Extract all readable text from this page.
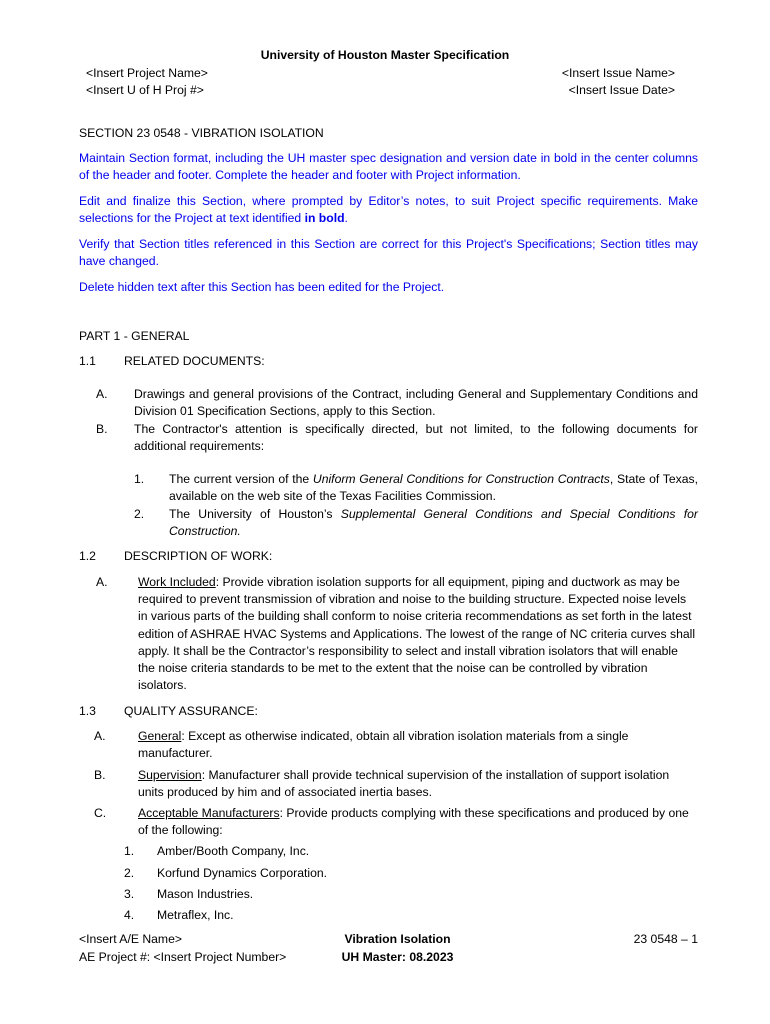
University of Houston Master Specification
<Insert Project Name>
<Insert U of H Proj #>
<Insert Issue Name>
<Insert Issue Date>
SECTION 23 0548 - VIBRATION ISOLATION
Maintain Section format, including the UH master spec designation and version date in bold in the center columns of the header and footer. Complete the header and footer with Project information.
Edit and finalize this Section, where prompted by Editor’s notes, to suit Project specific requirements. Make selections for the Project at text identified in bold.
Verify that Section titles referenced in this Section are correct for this Project's Specifications; Section titles may have changed.
Delete hidden text after this Section has been edited for the Project.
PART 1 - GENERAL
1.1 RELATED DOCUMENTS:
A. Drawings and general provisions of the Contract, including General and Supplementary Conditions and Division 01 Specification Sections, apply to this Section.
B. The Contractor's attention is specifically directed, but not limited, to the following documents for additional requirements:
1. The current version of the Uniform General Conditions for Construction Contracts, State of Texas, available on the web site of the Texas Facilities Commission.
2. The University of Houston’s Supplemental General Conditions and Special Conditions for Construction.
1.2 DESCRIPTION OF WORK:
A. Work Included: Provide vibration isolation supports for all equipment, piping and ductwork as may be required to prevent transmission of vibration and noise to the building structure. Expected noise levels in various parts of the building shall conform to noise criteria recommendations as set forth in the latest edition of ASHRAE HVAC Systems and Applications. The lowest of the range of NC criteria curves shall apply. It shall be the Contractor’s responsibility to select and install vibration isolators that will enable the noise criteria standards to be met to the extent that the noise can be controlled by vibration isolators.
1.3 QUALITY ASSURANCE:
A.	General: Except as otherwise indicated, obtain all vibration isolation materials from a single manufacturer.
B.	Supervision: Manufacturer shall provide technical supervision of the installation of support isolation units produced by him and of associated inertia bases.
C.	Acceptable Manufacturers: Provide products complying with these specifications and produced by one of the following:
1. Amber/Booth Company, Inc.
2. Korfund Dynamics Corporation.
3. Mason Industries.
4. Metraflex, Inc.
<Insert A/E Name>
AE Project #: <Insert Project Number>
Vibration Isolation
UH Master: 08.2023
23 0548 – 1
